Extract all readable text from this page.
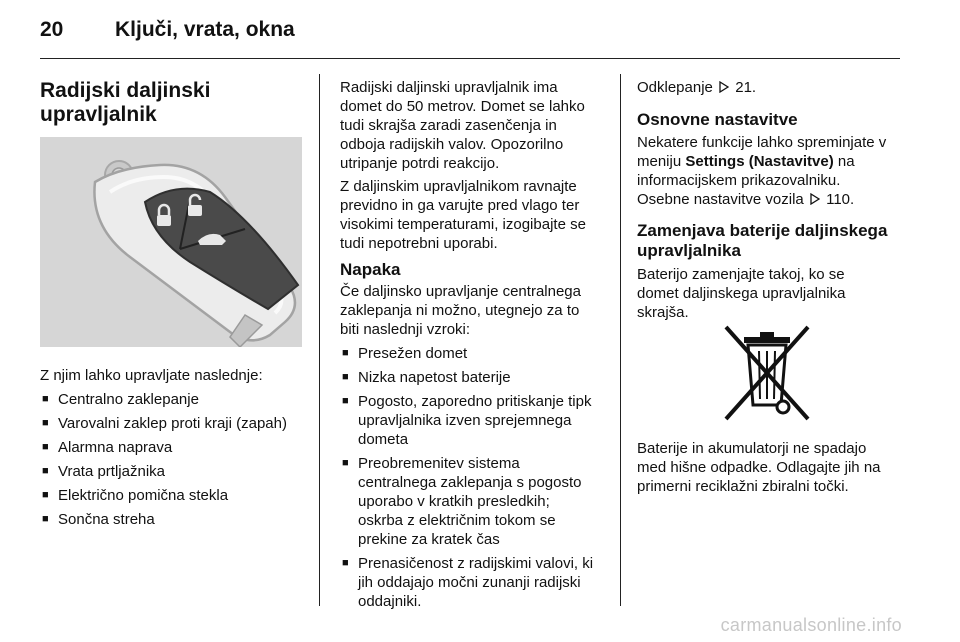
20 Ključi, vrata, okna
Radijski daljinski
upravljalnik
Z njim lahko upravljate naslednje:
■ Centralno zaklepanje
■ Varovalni zaklep proti kraji (zapah)
■ Alarmna naprava
■ Vrata prtljažnika
■ Električno pomična stekla
■ Sončna streha
Radijski daljinski upravljalnik ima
domet do 50 metrov. Domet se lahko
tudi skrajša zaradi zasenčenja in
odboja radijskih valov. Opozorilno
utripanje potrdi reakcijo.
Z daljinskim upravljalnikom ravnajte
previdno in ga varujte pred vlago ter
visokimi temperaturami, izogibajte se
tudi nepotrebni uporabi.
Napaka
Če daljinsko upravljanje centralnega
zaklepanja ni možno, utegnejo za to
biti naslednji vzroki:
■ Presežen domet
■ Nizka napetost baterije
■ Pogosto, zaporedno pritiskanje tipk
upravljalnika izven sprejemnega
dometa
■ Preobremenitev sistema
centralnega zaklepanja s pogosto
uporabo v kratkih presledkih;
oskrba z električnim tokom se
prekine za kratek čas
■ Prenasičenost z radijskimi valovi, ki
jih oddajajo močni zunanji radijski
oddajniki.
Odklepanje 21.
Osnovne nastavitve
Nekatere funkcije lahko spreminjate v
meniju Settings (Nastavitve) na
informacijskem prikazovalniku.
Osebne nastavitve vozila 110.
Zamenjava baterije daljinskega
upravljalnika
Baterijo zamenjajte takoj, ko se
domet daljinskega upravljalnika
skrajša.
Baterije in akumulatorji ne spadajo
med hišne odpadke. Odlagajte jih na
primerni reciklažni zbiralni točki.
carmanualsonline.info
